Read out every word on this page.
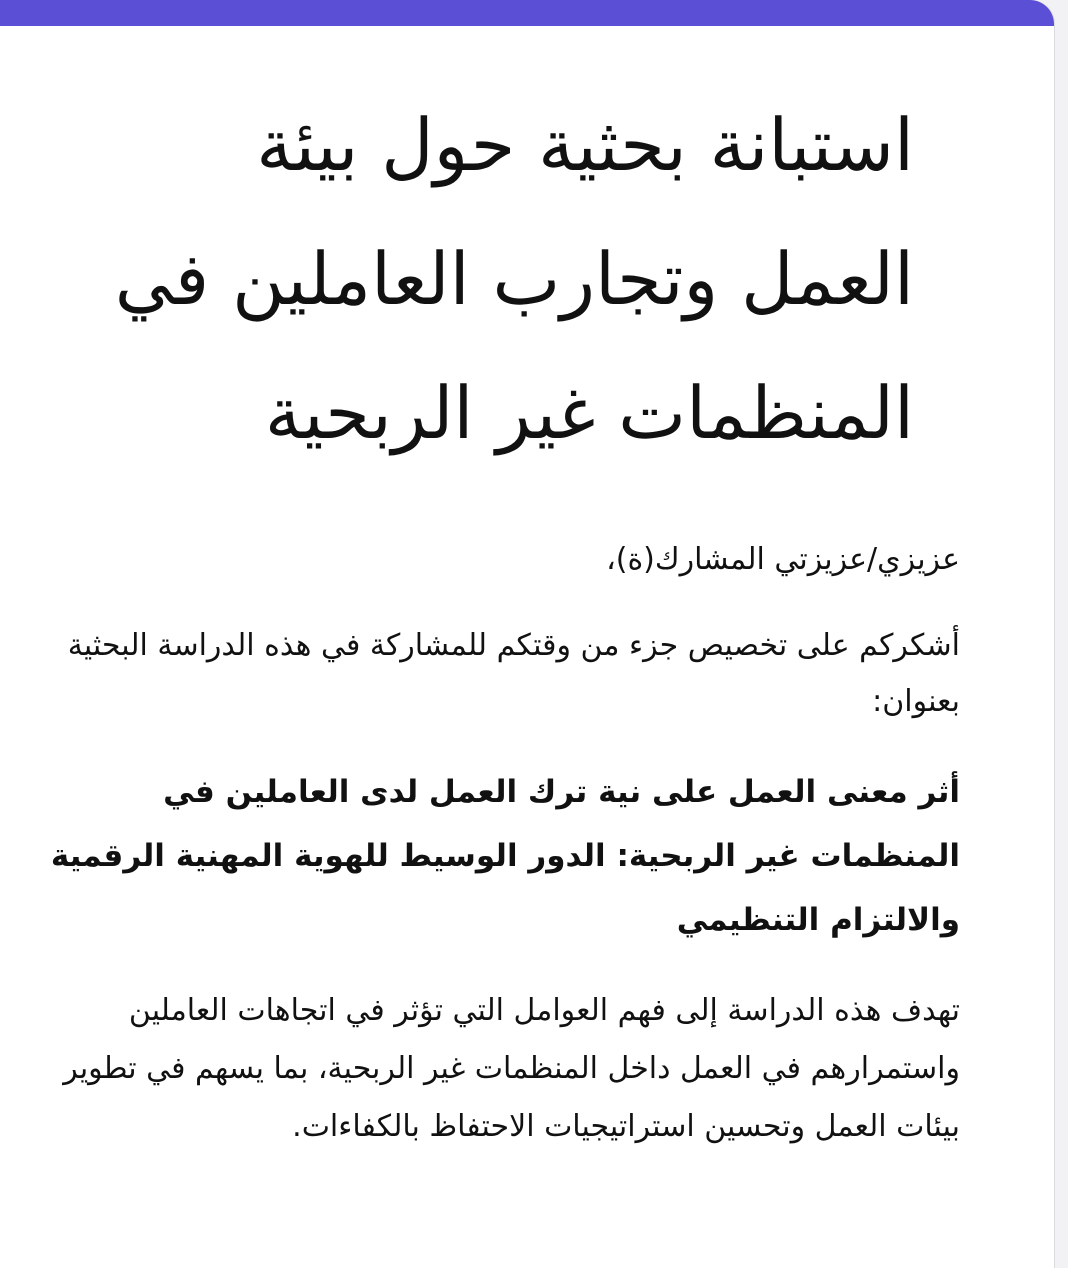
استبانة بحثية حول بيئة
العمل وتجارب العاملين في
المنظمات غير الربحية
عزيزي/عزيزتي المشارك(ة)،
أشكركم على تخصيص جزء من وقتكم للمشاركة في هذه الدراسة البحثية بعنوان:
أثر معنى العمل على نية ترك العمل لدى العاملين في المنظمات غير الربحية: الدور الوسيط للهوية المهنية الرقمية والالتزام التنظيمي
تهدف هذه الدراسة إلى فهم العوامل التي تؤثر في اتجاهات العاملين واستمرارهم في العمل داخل المنظمات غير الربحية، بما يسهم في تطوير بيئات العمل وتحسين استراتيجيات الاحتفاظ بالكفاءات.
